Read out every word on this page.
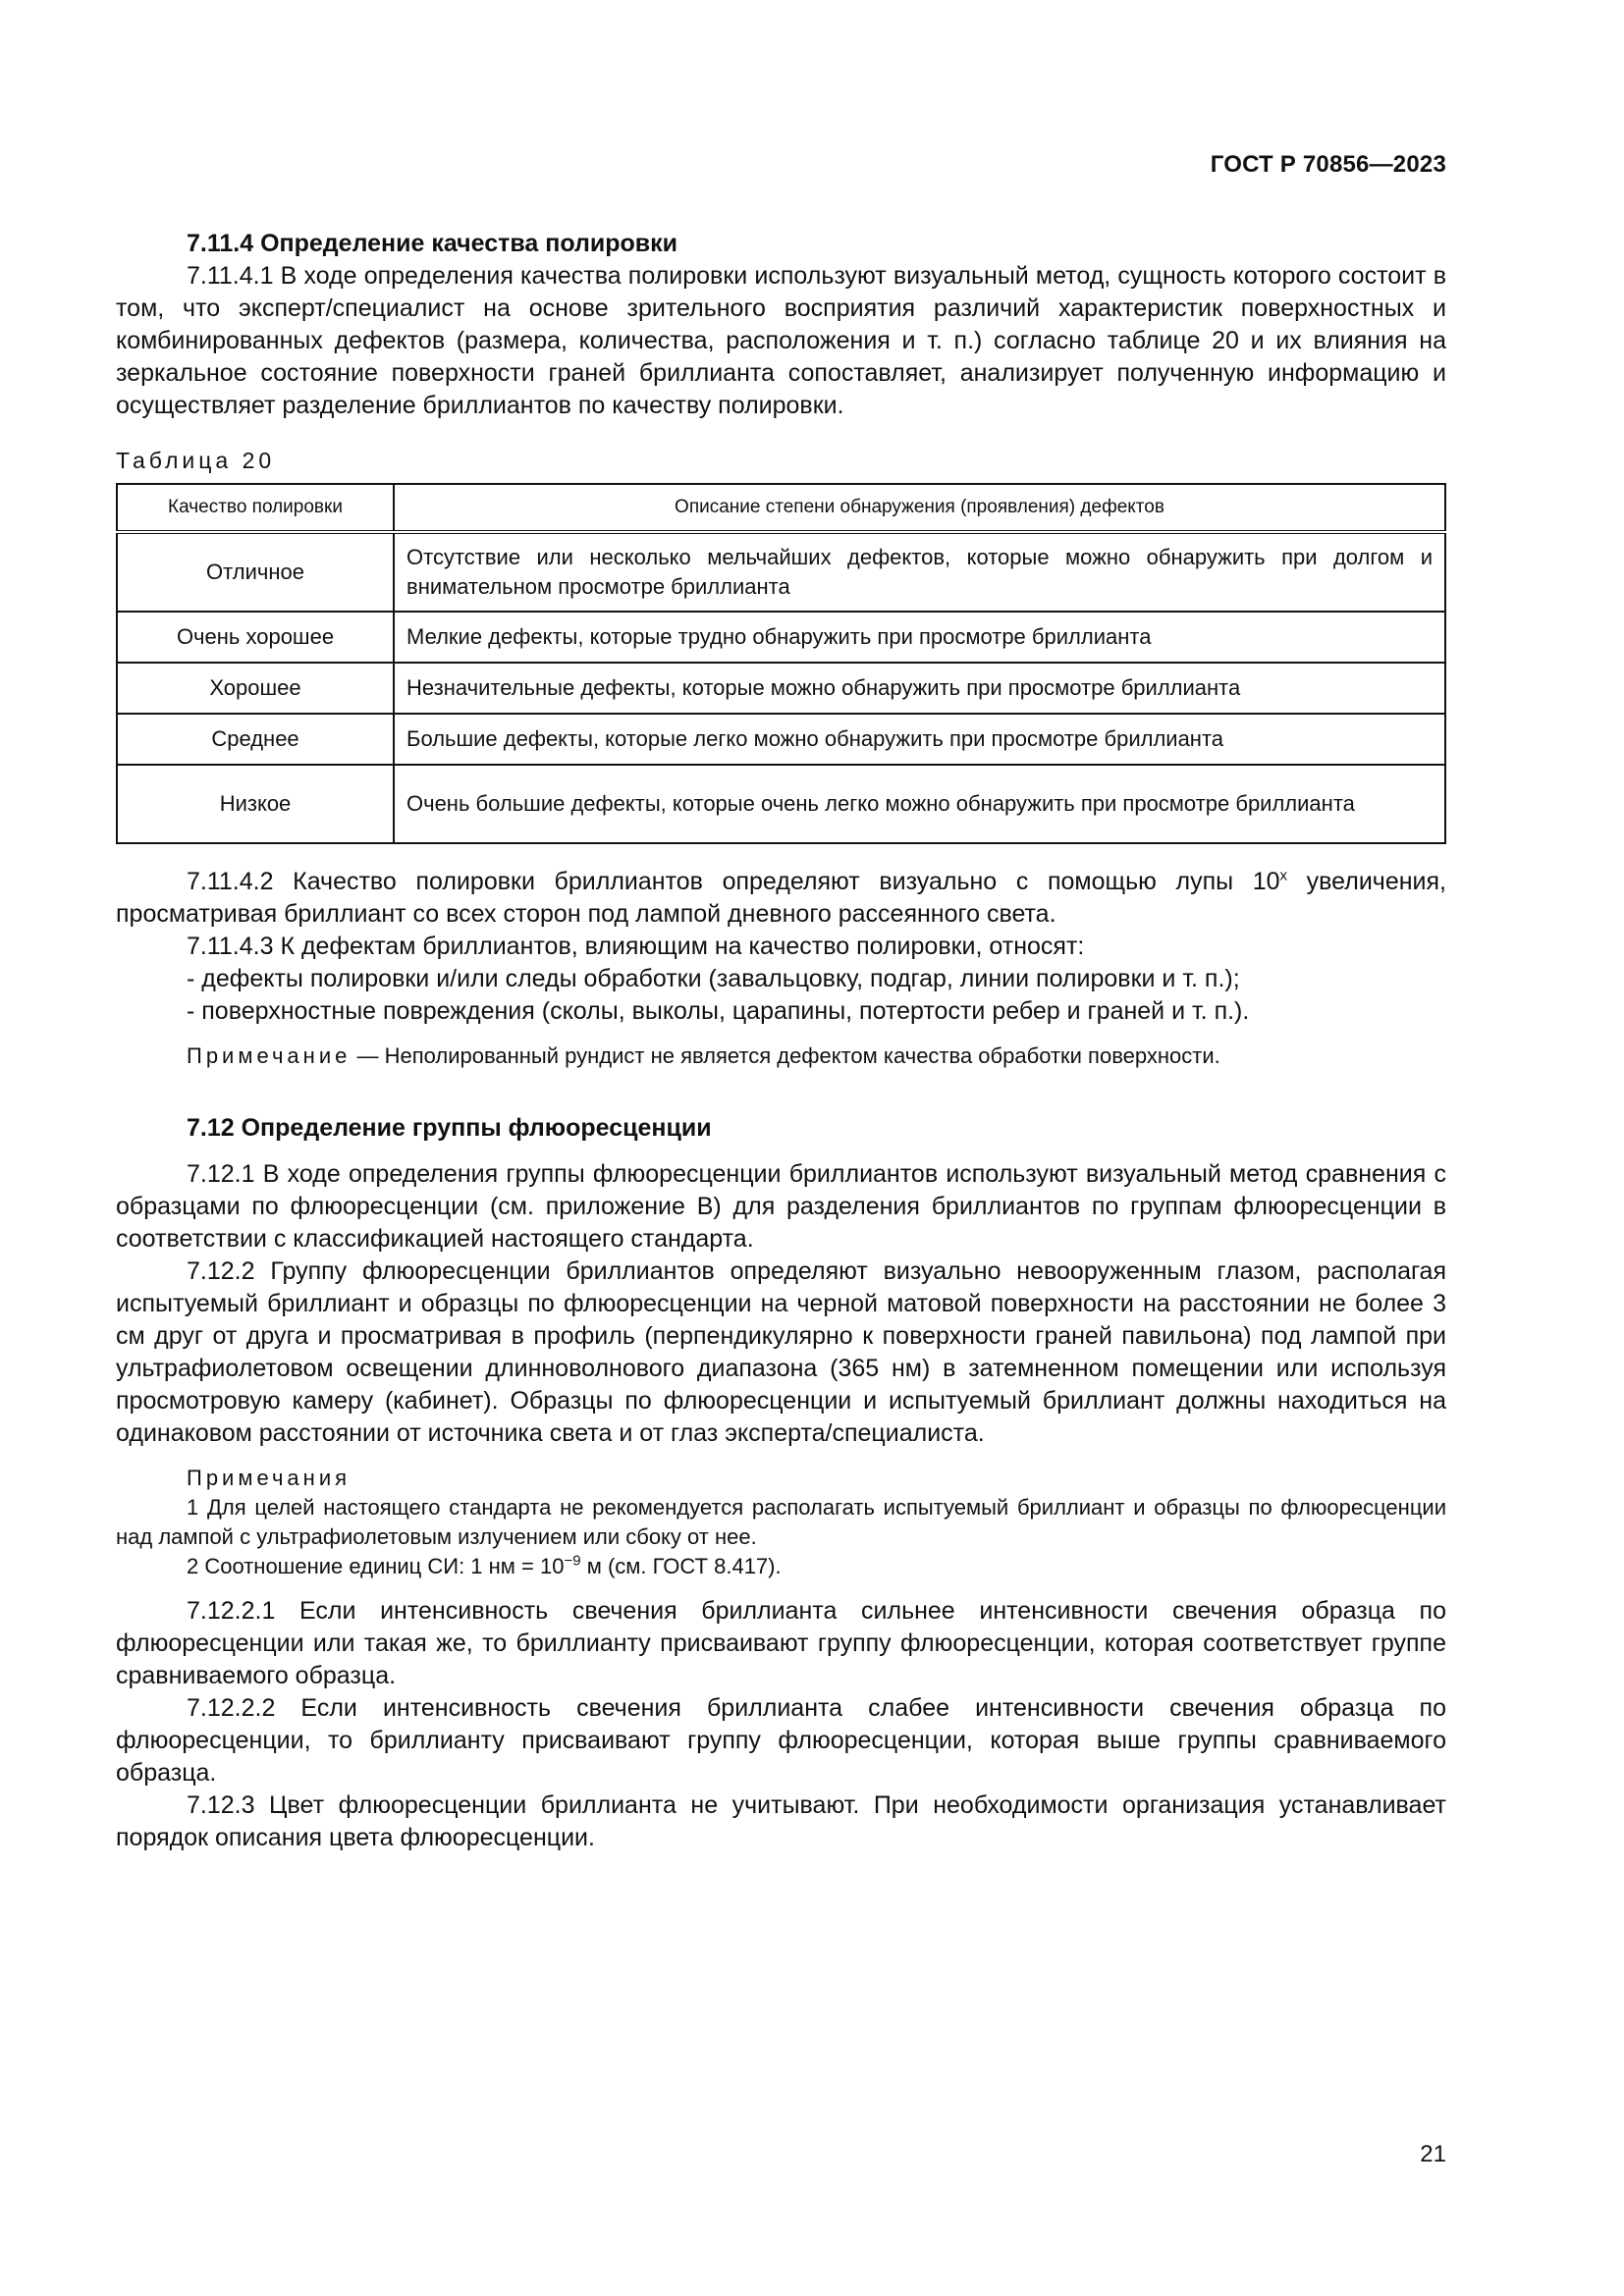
ГОСТ Р 70856—2023

7.11.4 Определение качества полировки

7.11.4.1 В ходе определения качества полировки используют визуальный метод, сущность которого состоит в том, что эксперт/специалист на основе зрительного восприятия различий характеристик поверхностных и комбинированных дефектов (размера, количества, расположения и т. п.) согласно таблице 20 и их влияния на зеркальное состояние поверхности граней бриллианта сопоставляет, анализирует полученную информацию и осуществляет разделение бриллиантов по качеству полировки.

Таблица 20
Качество полировки	Описание степени обнаружения (проявления) дефектов
Отличное	Отсутствие или несколько мельчайших дефектов, которые можно обнаружить при долгом и внимательном просмотре бриллианта
Очень хорошее	Мелкие дефекты, которые трудно обнаружить при просмотре бриллианта
Хорошее	Незначительные дефекты, которые можно обнаружить при просмотре бриллианта
Среднее	Большие дефекты, которые легко можно обнаружить при просмотре бриллианта
Низкое	Очень большие дефекты, которые очень легко можно обнаружить при просмотре бриллианта

7.11.4.2 Качество полировки бриллиантов определяют визуально с помощью лупы 10$^x$ увеличения, просматривая бриллиант со всех сторон под лампой дневного рассеянного света.

7.11.4.3 К дефектам бриллиантов, влияющим на качество полировки, относят:

- дефекты полировки и/или следы обработки (завальцовку, подгар, линии полировки и т. п.);

- поверхностные повреждения (сколы, выколы, царапины, потертости ребер и граней и т. п.).

Примечание — Неполированный рундист не является дефектом качества обработки поверхности.

7.12 Определение группы флюоресценции

7.12.1 В ходе определения группы флюоресценции бриллиантов используют визуальный метод сравнения с образцами по флюоресценции (см. приложение В) для разделения бриллиантов по группам флюоресценции в соответствии с классификацией настоящего стандарта.

7.12.2 Группу флюоресценции бриллиантов определяют визуально невооруженным глазом, располагая испытуемый бриллиант и образцы по флюоресценции на черной матовой поверхности на расстоянии не более 3 см друг от друга и просматривая в профиль (перпендикулярно к поверхности граней павильона) под лампой при ультрафиолетовом освещении длинноволнового диапазона (365 нм) в затемненном помещении или используя просмотровую камеру (кабинет). Образцы по флюоресценции и испытуемый бриллиант должны находиться на одинаковом расстоянии от источника света и от глаз эксперта/специалиста.

Примечания

1 Для целей настоящего стандарта не рекомендуется располагать испытуемый бриллиант и образцы по флюоресценции над лампой с ультрафиолетовым излучением или сбоку от нее.

2 Соотношение единиц СИ: 1 нм = $10^{-9}$ м (см. ГОСТ 8.417).

7.12.2.1 Если интенсивность свечения бриллианта сильнее интенсивности свечения образца по флюоресценции или такая же, то бриллианту присваивают группу флюоресценции, которая соответствует группе сравниваемого образца.

7.12.2.2 Если интенсивность свечения бриллианта слабее интенсивности свечения образца по флюоресценции, то бриллианту присваивают группу флюоресценции, которая выше группы сравниваемого образца.

7.12.3 Цвет флюоресценции бриллианта не учитывают. При необходимости организация устанавливает порядок описания цвета флюоресценции.

21
